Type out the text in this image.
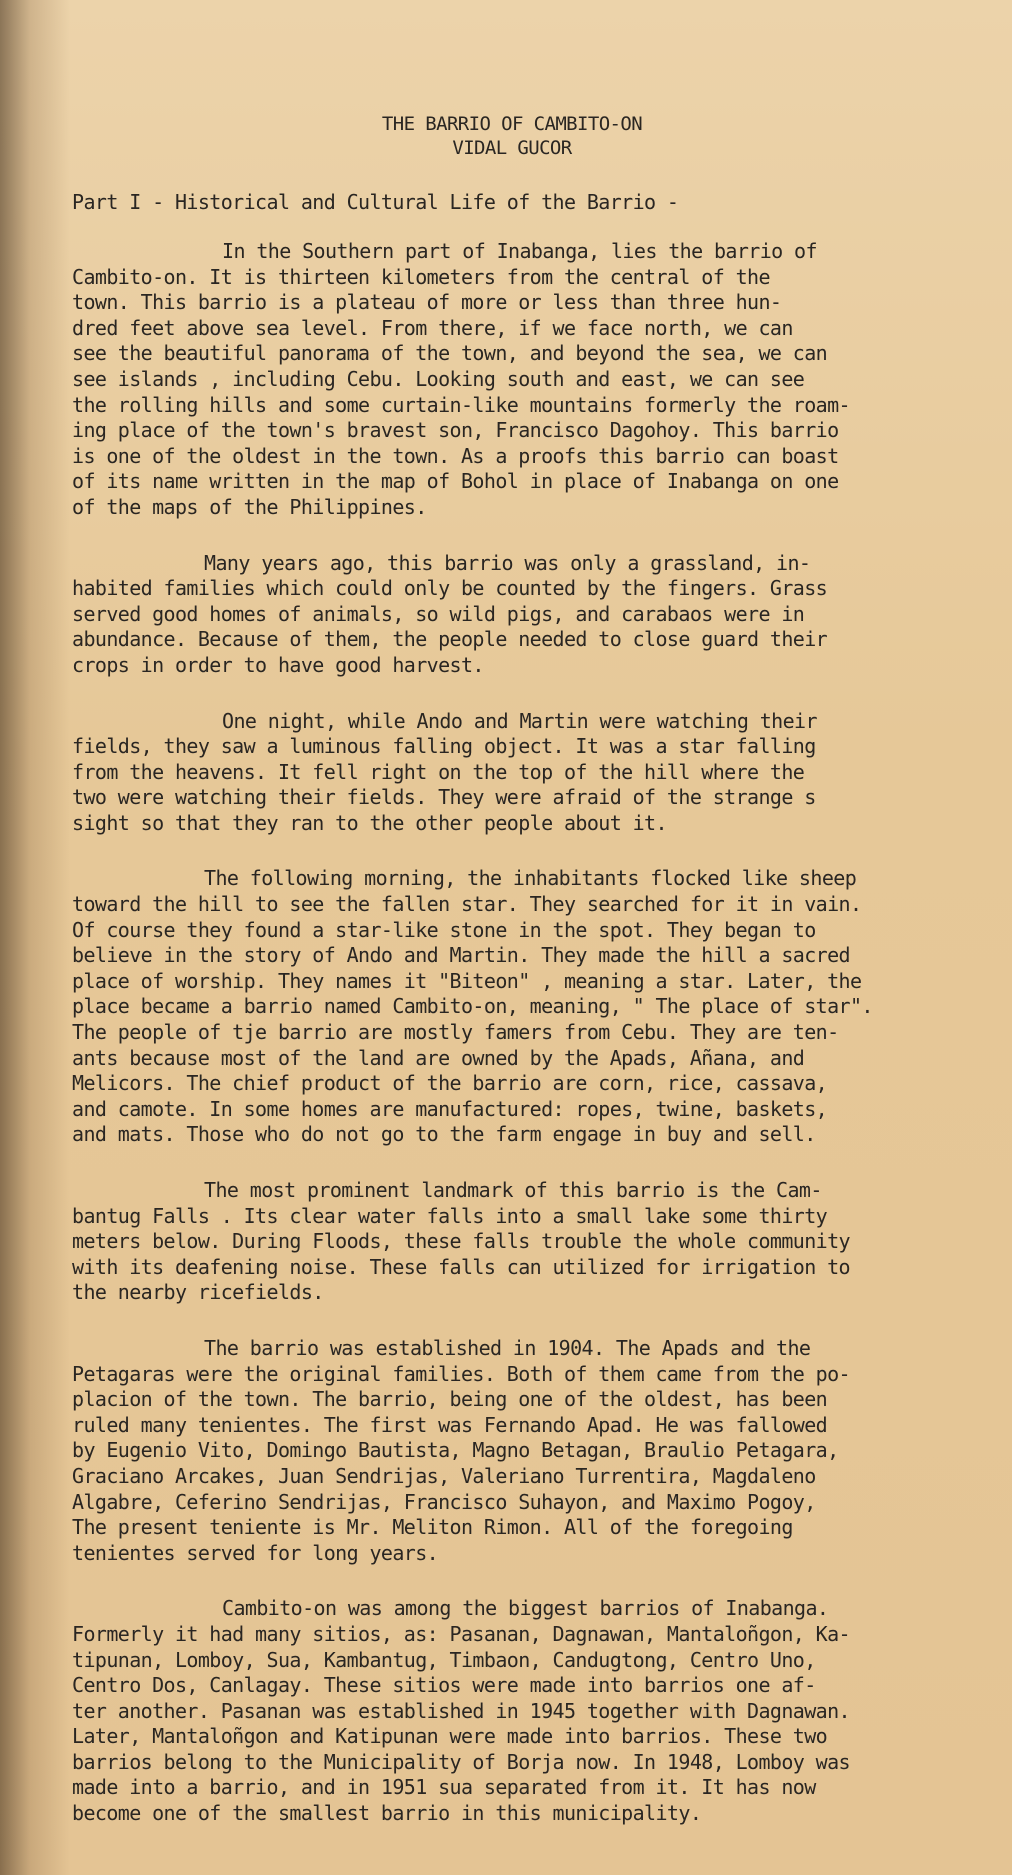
THE BARRIO OF CAMBITO-ON

VIDAL GUCOR

Part I - Historical and Cultural Life of the Barrio -

In the Southern part of Inabanga, lies the barrio of
Cambito-on. It is thirteen kilometers from the central of the
town. This barrio is a plateau of more or less than three hun-
dred feet above sea level. From there, if we face north, we can
see the beautiful panorama of the town, and beyond the sea, we can
see islands , including Cebu. Looking south and east, we can see
the rolling hills and some curtain-like mountains formerly the roam-
ing place of the town's bravest son, Francisco Dagohoy. This barrio
is one of the oldest in the town. As a proofs this barrio can boast
of its name written in the map of Bohol in place of Inabanga on one
of the maps of the Philippines.
Many years ago, this barrio was only a grassland, in-
habited families which could only be counted by the fingers. Grass
served good homes of animals, so wild pigs, and carabaos were in
abundance. Because of them, the people needed to close guard their
crops in order to have good harvest.
One night, while Ando and Martin were watching their
fields, they saw a luminous falling object. It was a star falling
from the heavens. It fell right on the top of the hill where the
two were watching their fields. They were afraid of the strange s
sight so that they ran to the other people about it.
The following morning, the inhabitants flocked like sheep
toward the hill to see the fallen star. They searched for it in vain.
Of course they found a star-like stone in the spot. They began to
believe in the story of Ando and Martin. They made the hill a sacred
place of worship. They names it "Biteon" , meaning a star. Later, the
place became a barrio named Cambito-on, meaning, " The place of star".
The people of tje barrio are mostly famers from Cebu. They are ten-
ants because most of the land are owned by the Apads, Añana, and
Melicors. The chief product of the barrio are corn, rice, cassava,
and camote. In some homes are manufactured: ropes, twine, baskets,
and mats. Those who do not go to the farm engage in buy and sell.
The most prominent landmark of this barrio is the Cam-
bantug Falls . Its clear water falls into a small lake some thirty
meters below. During Floods, these falls trouble the whole community
with its deafening noise. These falls can utilized for irrigation to
the nearby ricefields.
The barrio was established in 1904. The Apads and the
Petagaras were the original families. Both of them came from the po-
placion of the town. The barrio, being one of the oldest, has been
ruled many tenientes. The first was Fernando Apad. He was fallowed
by Eugenio Vito, Domingo Bautista, Magno Betagan, Braulio Petagara,
Graciano Arcakes, Juan Sendrijas, Valeriano Turrentira, Magdaleno
Algabre, Ceferino Sendrijas, Francisco Suhayon, and Maximo Pogoy,
The present teniente is Mr. Meliton Rimon. All of the foregoing
tenientes served for long years.
Cambito-on was among the biggest barrios of Inabanga.
Formerly it had many sitios, as: Pasanan, Dagnawan, Mantaloñgon, Ka-
tipunan, Lomboy, Sua, Kambantug, Timbaon, Candugtong, Centro Uno,
Centro Dos, Canlagay. These sitios were made into barrios one af-
ter another. Pasanan was established in 1945 together with Dagnawan.
Later, Mantaloñgon and Katipunan were made into barrios. These two
barrios belong to the Municipality of Borja now. In 1948, Lomboy was
made into a barrio, and in 1951 sua separated from it. It has now
become one of the smallest barrio in this municipality.
